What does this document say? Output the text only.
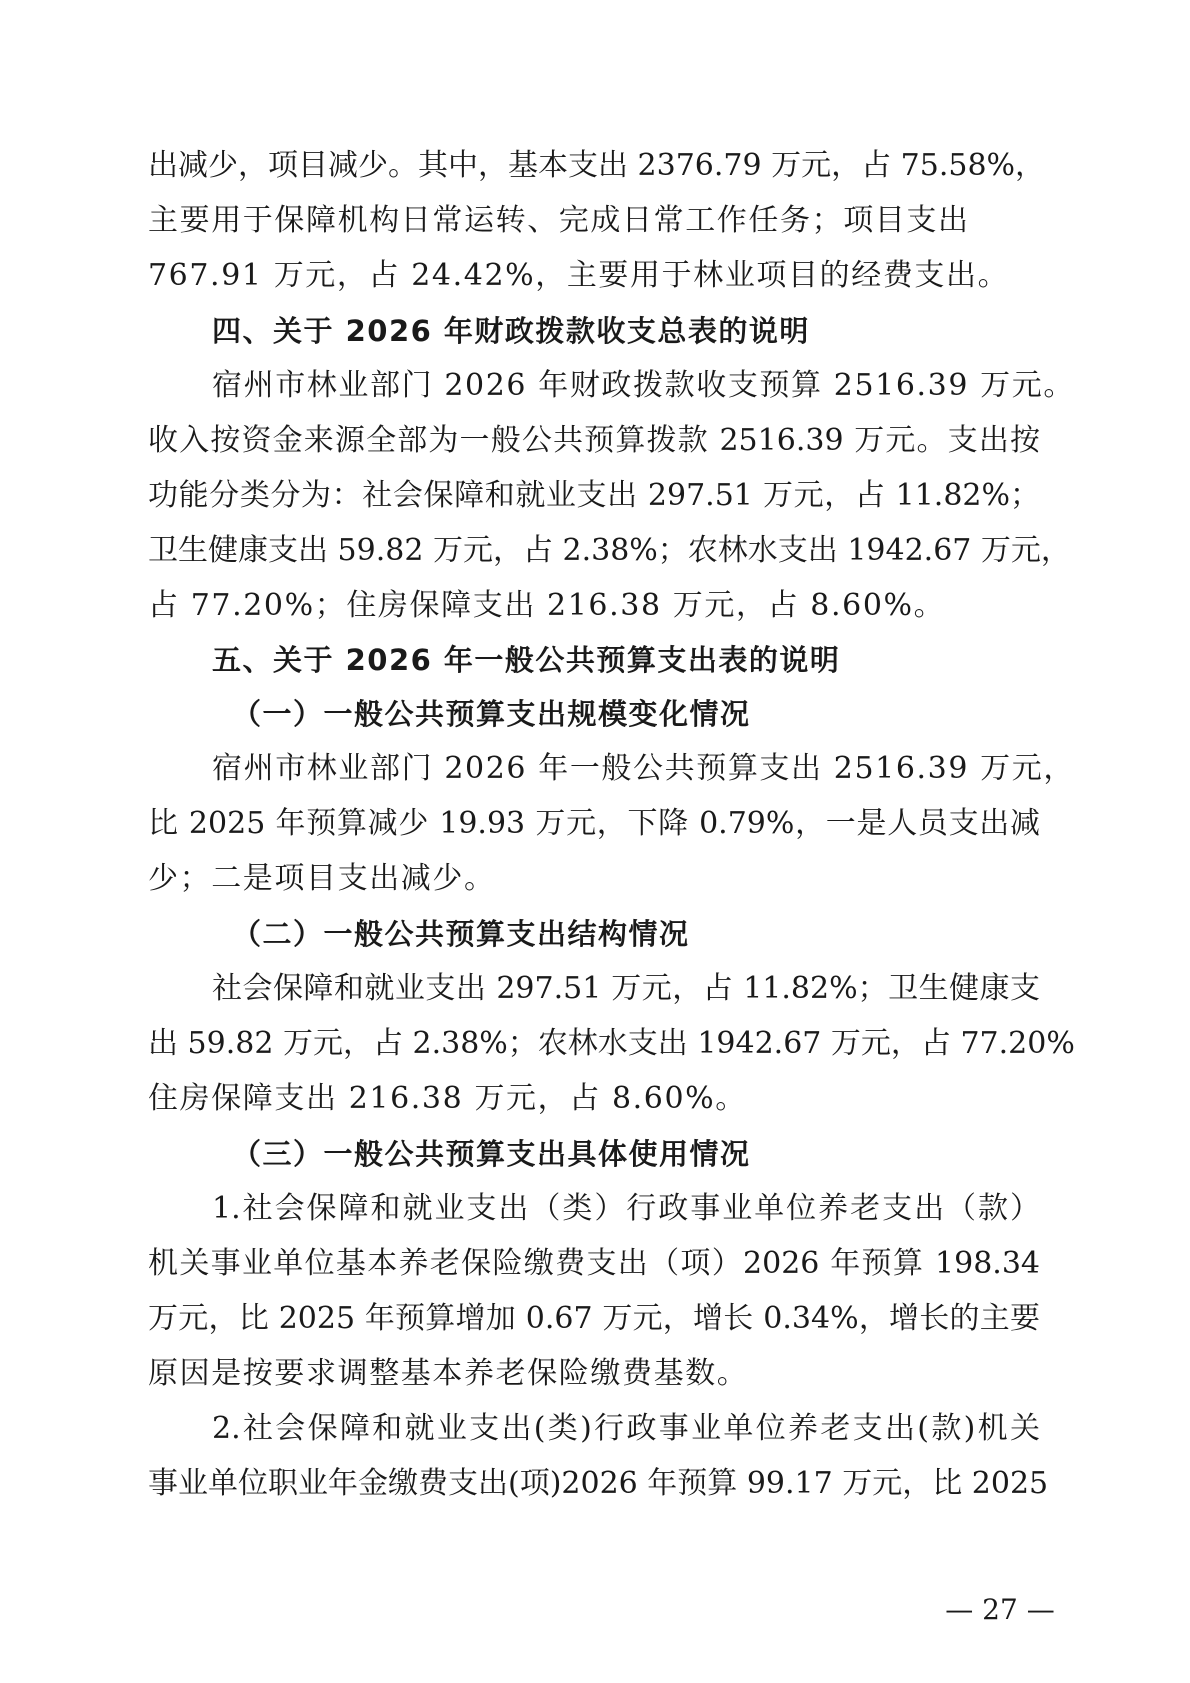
出减少，项目减少。其中，基本支出 2376.79 万元，占 75.58%，
主要用于保障机构日常运转、完成日常工作任务；项目支出
767.91 万元，占 24.42%，主要用于林业项目的经费支出。
四、关于 2026 年财政拨款收支总表的说明
宿州市林业部门 2026 年财政拨款收支预算 2516.39 万元。
收入按资金来源全部为一般公共预算拨款 2516.39 万元。支出按
功能分类分为：社会保障和就业支出 297.51 万元，占 11.82%；
卫生健康支出 59.82 万元，占 2.38%；农林水支出 1942.67 万元，
占 77.20%；住房保障支出 216.38 万元，占 8.60%。
五、关于 2026 年一般公共预算支出表的说明
（一）一般公共预算支出规模变化情况
宿州市林业部门 2026 年一般公共预算支出 2516.39 万元，
比 2025 年预算减少 19.93 万元，下降 0.79%，一是人员支出减
少；二是项目支出减少。
（二）一般公共预算支出结构情况
社会保障和就业支出 297.51 万元，占 11.82%；卫生健康支
出 59.82 万元，占 2.38%；农林水支出 1942.67 万元，占 77.20%
住房保障支出 216.38 万元，占 8.60%。
（三）一般公共预算支出具体使用情况
1.社会保障和就业支出（类）行政事业单位养老支出（款）
机关事业单位基本养老保险缴费支出（项）2026 年预算 198.34
万元，比 2025 年预算增加 0.67 万元，增长 0.34%，增长的主要
原因是按要求调整基本养老保险缴费基数。
2.社会保障和就业支出(类)行政事业单位养老支出(款)机关
事业单位职业年金缴费支出(项)2026 年预算 99.17 万元，比 2025
— 27 —
